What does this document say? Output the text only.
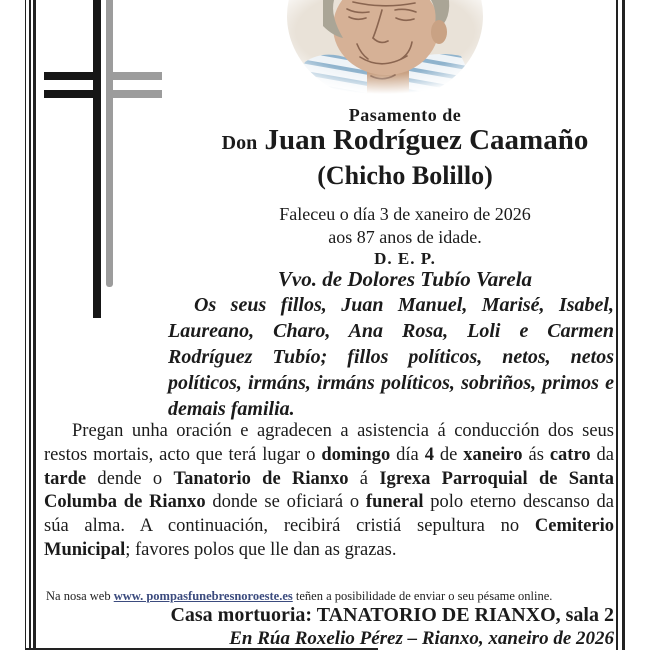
Pasamento de
Don Juan Rodríguez Caamaño
(Chicho Bolillo)
Faleceu o día 3 de xaneiro de 2026
aos 87 anos de idade.
D. E. P.
Vvo. de Dolores Tubío Varela
Os seus fillos, Juan Manuel, Marisé, Isabel, Laureano, Charo, Ana Rosa, Loli e Carmen Rodríguez Tubío; fillos políticos, netos, netos políticos, irmáns, irmáns políticos, sobriños, primos e demais familia.
Pregan unha oración e agradecen a asistencia á conducción dos seus restos mortais, acto que terá lugar o domingo día 4 de xaneiro ás catro da tarde dende o Tanatorio de Rianxo á Igrexa Parroquial de Santa Columba de Rianxo donde se oficiará o funeral polo eterno descanso da súa alma. A continuación, recibirá cristiá sepultura no Cemiterio Municipal; favores polos que lle dan as grazas.
Na nosa web www. pompasfunebresnoroeste.es teñen a posibilidade de enviar o seu pésame online.
Casa mortuoria: TANATORIO DE RIANXO, sala 2
En Rúa Roxelio Pérez – Rianxo, xaneiro de 2026
